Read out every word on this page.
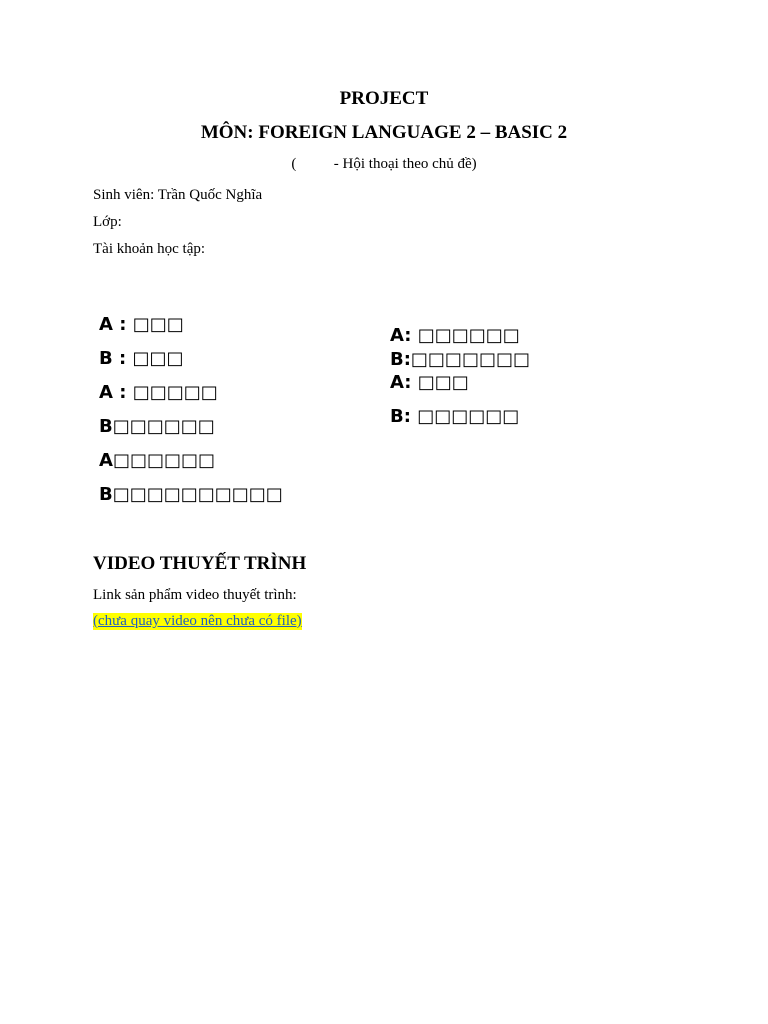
PROJECT
MÔN: FOREIGN LANGUAGE 2 – BASIC 2
(          - Hội thoại theo chủ đề)
Sinh viên: Trần Quốc Nghĩa
Lớp:
Tài khoản học tập:
A : □□□
B : □□□
A : □□□□□
B□□□□□□
A□□□□□□
B□□□□□□□□□□
A: □□□□□□
B:□□□□□□□
A: □□□
B: □□□□□□
VIDEO THUYẾT TRÌNH
Link sản phẩm video thuyết trình:
(chưa quay video nên chưa có file)
